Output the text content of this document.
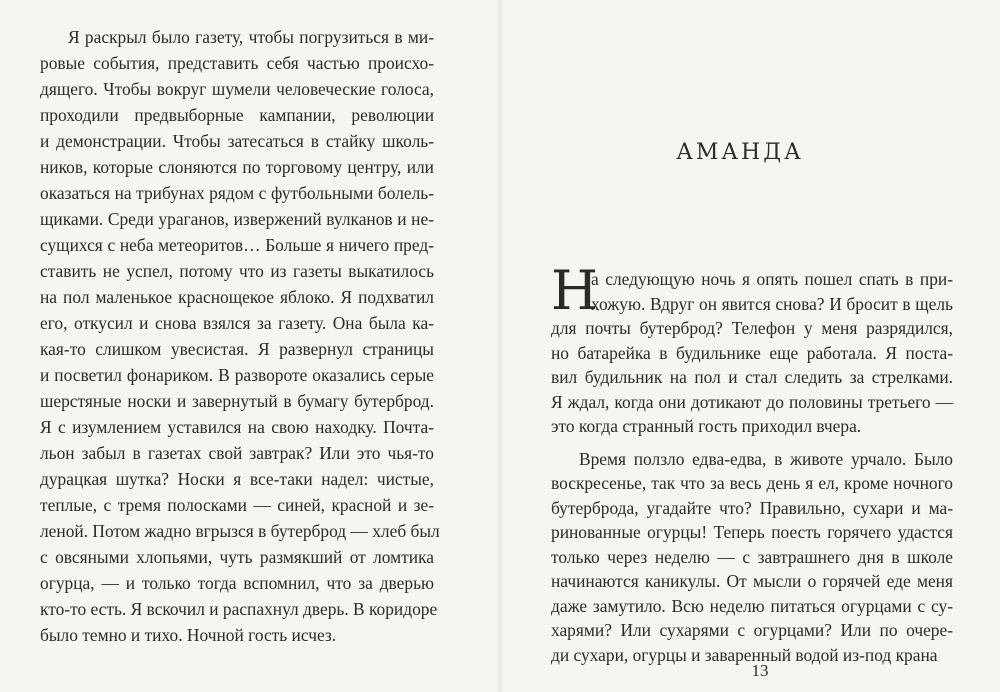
Я раскрыл было газету, чтобы погрузиться в ми-
ровые события, представить себя частью происхо-
дящего. Чтобы вокруг шумели человеческие голоса,
проходили предвыборные кампании, революции
и демонстрации. Чтобы затесаться в стайку школь-
ников, которые слоняются по торговому центру, или
оказаться на трибунах рядом с футбольными болель-
щиками. Среди ураганов, извержений вулканов и не-
сущихся с неба метеоритов… Больше я ничего пред-
ставить не успел, потому что из газеты выкатилось
на пол маленькое краснощекое яблоко. Я подхватил
его, откусил и снова взялся за газету. Она была ка-
кая-то слишком увесистая. Я развернул страницы
и посветил фонариком. В развороте оказались серые
шерстяные носки и завернутый в бумагу бутерброд.
Я с изумлением уставился на свою находку. Почта-
льон забыл в газетах свой завтрак? Или это чья-то
дурацкая шутка? Носки я все-таки надел: чистые,
теплые, с тремя полосками — синей, красной и зе-
леной. Потом жадно вгрызся в бутерброд — хлеб был
с овсяными хлопьями, чуть размякший от ломтика
огурца, — и только тогда вспомнил, что за дверью
кто-то есть. Я вскочил и распахнул дверь. В коридоре
было темно и тихо. Ночной гость исчез.
АМАНДА
Н
а следующую ночь я опять пошел спать в при-
хожую. Вдруг он явится снова? И бросит в щель
для почты бутерброд? Телефон у меня разрядился,
но батарейка в будильнике еще работала. Я поста-
вил будильник на пол и стал следить за стрелками.
Я ждал, когда они дотикают до половины третьего —
это когда странный гость приходил вчера.
Время ползло едва-едва, в животе урчало. Было
воскресенье, так что за весь день я ел, кроме ночного
бутерброда, угадайте что? Правильно, сухари и ма-
ринованные огурцы! Теперь поесть горячего удастся
только через неделю — с завтрашнего дня в школе
начинаются каникулы. От мысли о горячей еде меня
даже замутило. Всю неделю питаться огурцами с су-
харями? Или сухарями с огурцами? Или по очере-
ди сухари, огурцы и заваренный водой из-под крана
13
